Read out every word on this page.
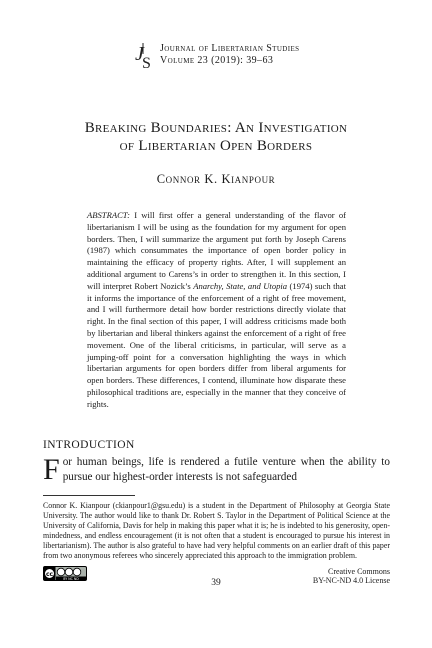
J
S
Journal of Libertarian Studies
Volume 23 (2019): 39–63
Breaking Boundaries: An Investigation
of Libertarian Open Borders
Connor K. Kianpour
ABSTRACT: I will first offer a general understanding of the flavor of libertarianism I will be using as the foundation for my argument for open borders. Then, I will summarize the argument put forth by Joseph Carens (1987) which consummates the importance of open border policy in maintaining the efficacy of property rights. After, I will supplement an additional argument to Carens’s in order to strengthen it. In this section, I will interpret Robert Nozick’s Anarchy, State, and Utopia (1974) such that it informs the importance of the enforcement of a right of free movement, and I will furthermore detail how border restrictions directly violate that right. In the final section of this paper, I will address criticisms made both by libertarian and liberal thinkers against the enforcement of a right of free movement. One of the liberal criticisms, in particular, will serve as a jumping-off point for a conversation highlighting the ways in which libertarian arguments for open borders differ from liberal arguments for open borders. These differences, I contend, illuminate how disparate these philosophical traditions are, especially in the manner that they conceive of rights.
INTRODUCTION
For human beings, life is rendered a futile venture when the ability to pursue our highest-order interests is not safeguarded
Connor K. Kianpour (ckianpour1@gsu.edu) is a student in the Department of Philosophy at Georgia State University. The author would like to thank Dr. Robert S. Taylor in the Department of Political Science at the University of California, Davis for help in making this paper what it is; he is indebted to his generosity, open-mindedness, and endless encouragement (it is not often that a student is encouraged to pursue his interest in libertarianism). The author is also grateful to have had very helpful comments on an earlier draft of this paper from two anonymous referees who sincerely appreciated this approach to the immigration problem.
cc
BY NC ND	39
Creative Commons
BY-NC-ND 4.0 License
